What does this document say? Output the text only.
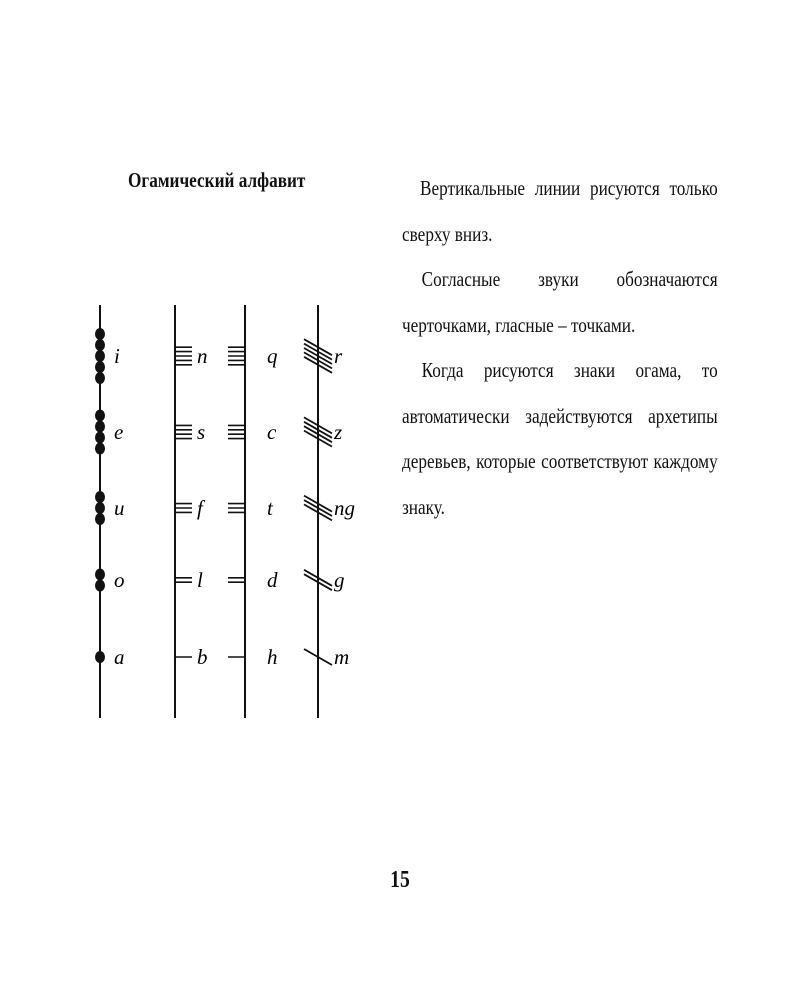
Огамический алфавит	Вертикальные линии рисуются только сверху вниз.

Согласные звуки обозначаются черточками, гласные – точками.

Когда рисуются знаки огама, то автоматически задействуются архетипы деревьев, которые соответствуют каждому знаку.

i
e
u
o
a
n
s
f
l
b
q
c
t
d
h
r
z
ng
g
m
15
